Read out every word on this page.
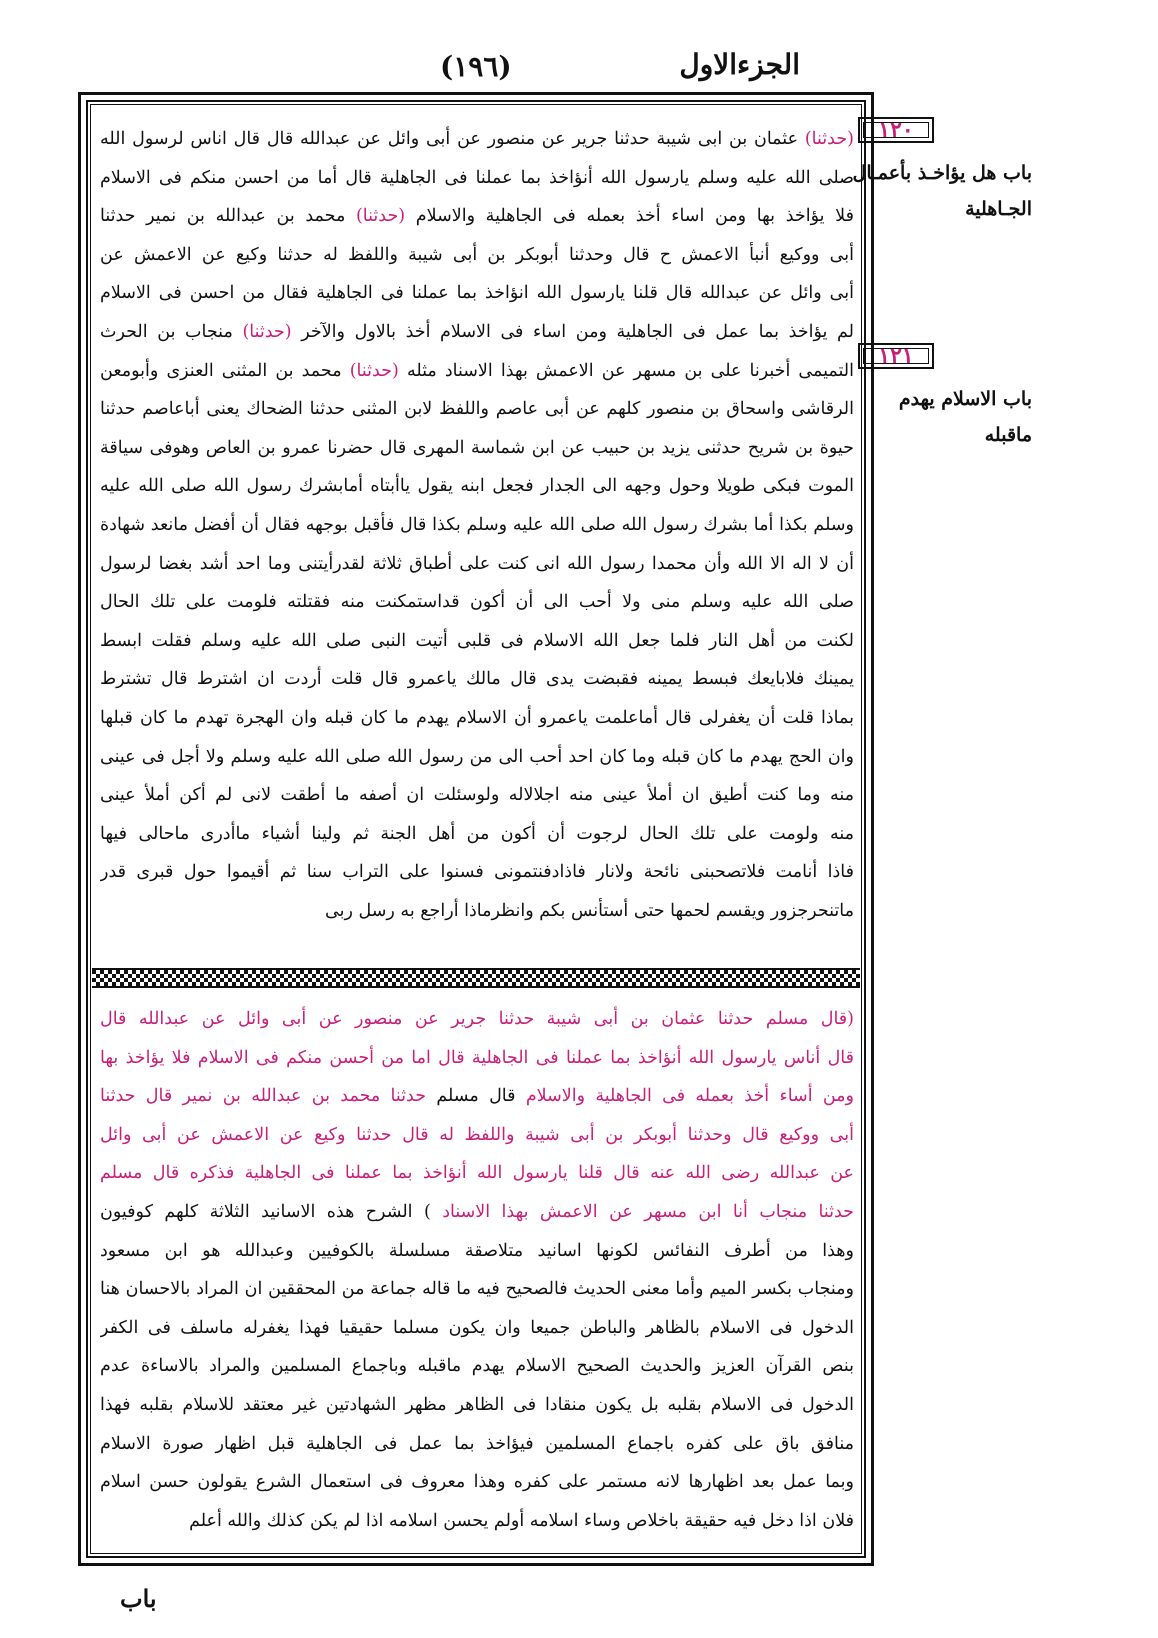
الجزءالاول
(١٩٦)
(حدثنا) عثمان بن ابى شيبة حدثنا جرير عن منصور عن أبى وائل عن عبدالله قال قال اناس لرسول الله
صلى الله عليه وسلم يارسول الله أنؤاخذ بما عملنا فى الجاهلية قال أما من احسن منكم فى الاسلام
فلا يؤاخذ بها ومن اساء أخذ بعمله فى الجاهلية والاسلام (حدثنا) محمد بن عبدالله بن نمير حدثنا
أبى ووكيع أنبأ الاعمش ح قال وحدثنا أبوبكر بن أبى شيبة واللفظ له حدثنا وكيع عن الاعمش عن
أبى وائل عن عبدالله قال قلنا يارسول الله انؤاخذ بما عملنا فى الجاهلية فقال من احسن فى الاسلام
لم يؤاخذ بما عمل فى الجاهلية ومن اساء فى الاسلام أخذ بالاول والآخر (حدثنا) منجاب بن الحرث
التميمى أخبرنا على بن مسهر عن الاعمش بهذا الاسناد مثله (حدثنا) محمد بن المثنى العنزى وأبومعن
الرقاشى واسحاق بن منصور كلهم عن أبى عاصم واللفظ لابن المثنى حدثنا الضحاك يعنى أباعاصم حدثنا
حيوة بن شريح حدثنى يزيد بن حبيب عن ابن شماسة المهرى قال حضرنا عمرو بن العاص وهوفى سياقة
الموت فبكى طويلا وحول وجهه الى الجدار فجعل ابنه يقول ياأبتاه أمابشرك رسول الله صلى الله عليه
وسلم بكذا أما بشرك رسول الله صلى الله عليه وسلم بكذا قال فأقبل بوجهه فقال أن أفضل مانعد شهادة
أن لا اله الا الله وأن محمدا رسول الله انى كنت على أطباق ثلاثة لقدرأيتنى وما احد أشد بغضا لرسول
صلى الله عليه وسلم منى ولا أحب الى أن أكون قداستمكنت منه فقتلته فلومت على تلك الحال
لكنت من أهل النار فلما جعل الله الاسلام فى قلبى أتيت النبى صلى الله عليه وسلم فقلت ابسط
يمينك فلابايعك فبسط يمينه فقبضت يدى قال مالك ياعمرو قال قلت أردت ان اشترط قال تشترط
بماذا قلت أن يغفرلى قال أماعلمت ياعمرو أن الاسلام يهدم ما كان قبله وان الهجرة تهدم ما كان قبلها
وان الحج يهدم ما كان قبله وما كان احد أحب الى من رسول الله صلى الله عليه وسلم ولا أجل فى عينى
منه وما كنت أطيق ان أملأ عينى منه اجلالاله ولوسئلت ان أصفه ما أطقت لانى لم أكن أملأ عينى
منه ولومت على تلك الحال لرجوت أن أكون من أهل الجنة ثم ولينا أشياء ماأدرى ماحالى فيها
فاذا أنامت فلاتصحبنى نائحة ولانار فاذادفنتمونى فسنوا على التراب سنا ثم أقيموا حول قبرى قدر
ماتنحرجزور ويقسم لحمها حتى أستأنس بكم وانظرماذا أراجع به رسل ربى
(قال مسلم حدثنا عثمان بن أبى شيبة حدثنا جرير عن منصور عن أبى وائل عن عبدالله قال
قال أناس يارسول الله أنؤاخذ بما عملنا فى الجاهلية قال اما من أحسن منكم فى الاسلام فلا يؤاخذ بها
ومن أساء أخذ بعمله فى الجاهلية والاسلام قال مسلم حدثنا محمد بن عبدالله بن نمير قال حدثنا
أبى ووكيع قال وحدثنا أبوبكر بن أبى شيبة واللفظ له قال حدثنا وكيع عن الاعمش عن أبى وائل
عن عبدالله رضى الله عنه قال قلنا يارسول الله أنؤاخذ بما عملنا فى الجاهلية فذكره قال مسلم
حدثنا منجاب أنا ابن مسهر عن الاعمش بهذا الاسناد ) الشرح هذه الاسانيد الثلاثة كلهم كوفيون
وهذا من أطرف النفائس لكونها اسانيد متلاصقة مسلسلة بالكوفيين وعبدالله هو ابن مسعود
ومنجاب بكسر الميم وأما معنى الحديث فالصحيح فيه ما قاله جماعة من المحققين ان المراد بالاحسان هنا
الدخول فى الاسلام بالظاهر والباطن جميعا وان يكون مسلما حقيقيا فهذا يغفرله ماسلف فى الكفر
بنص القرآن العزيز والحديث الصحيح الاسلام يهدم ماقبله وباجماع المسلمين والمراد بالاساءة عدم
الدخول فى الاسلام بقلبه بل يكون منقادا فى الظاهر مظهر الشهادتين غير معتقد للاسلام بقلبه فهذا
منافق باق على كفره باجماع المسلمين فيؤاخذ بما عمل فى الجاهلية قبل اظهار صورة الاسلام
وبما عمل بعد اظهارها لانه مستمر على كفره وهذا معروف فى استعمال الشرع يقولون حسن اسلام
فلان اذا دخل فيه حقيقة باخلاص وساء اسلامه أولم يحسن اسلامه اذا لم يكن كذلك والله أعلم
١٢٠
باب هل يؤاخـذ بأعمـال
الجـاهلية
١٢١
باب الاسلام يهدم ماقبله
باب
